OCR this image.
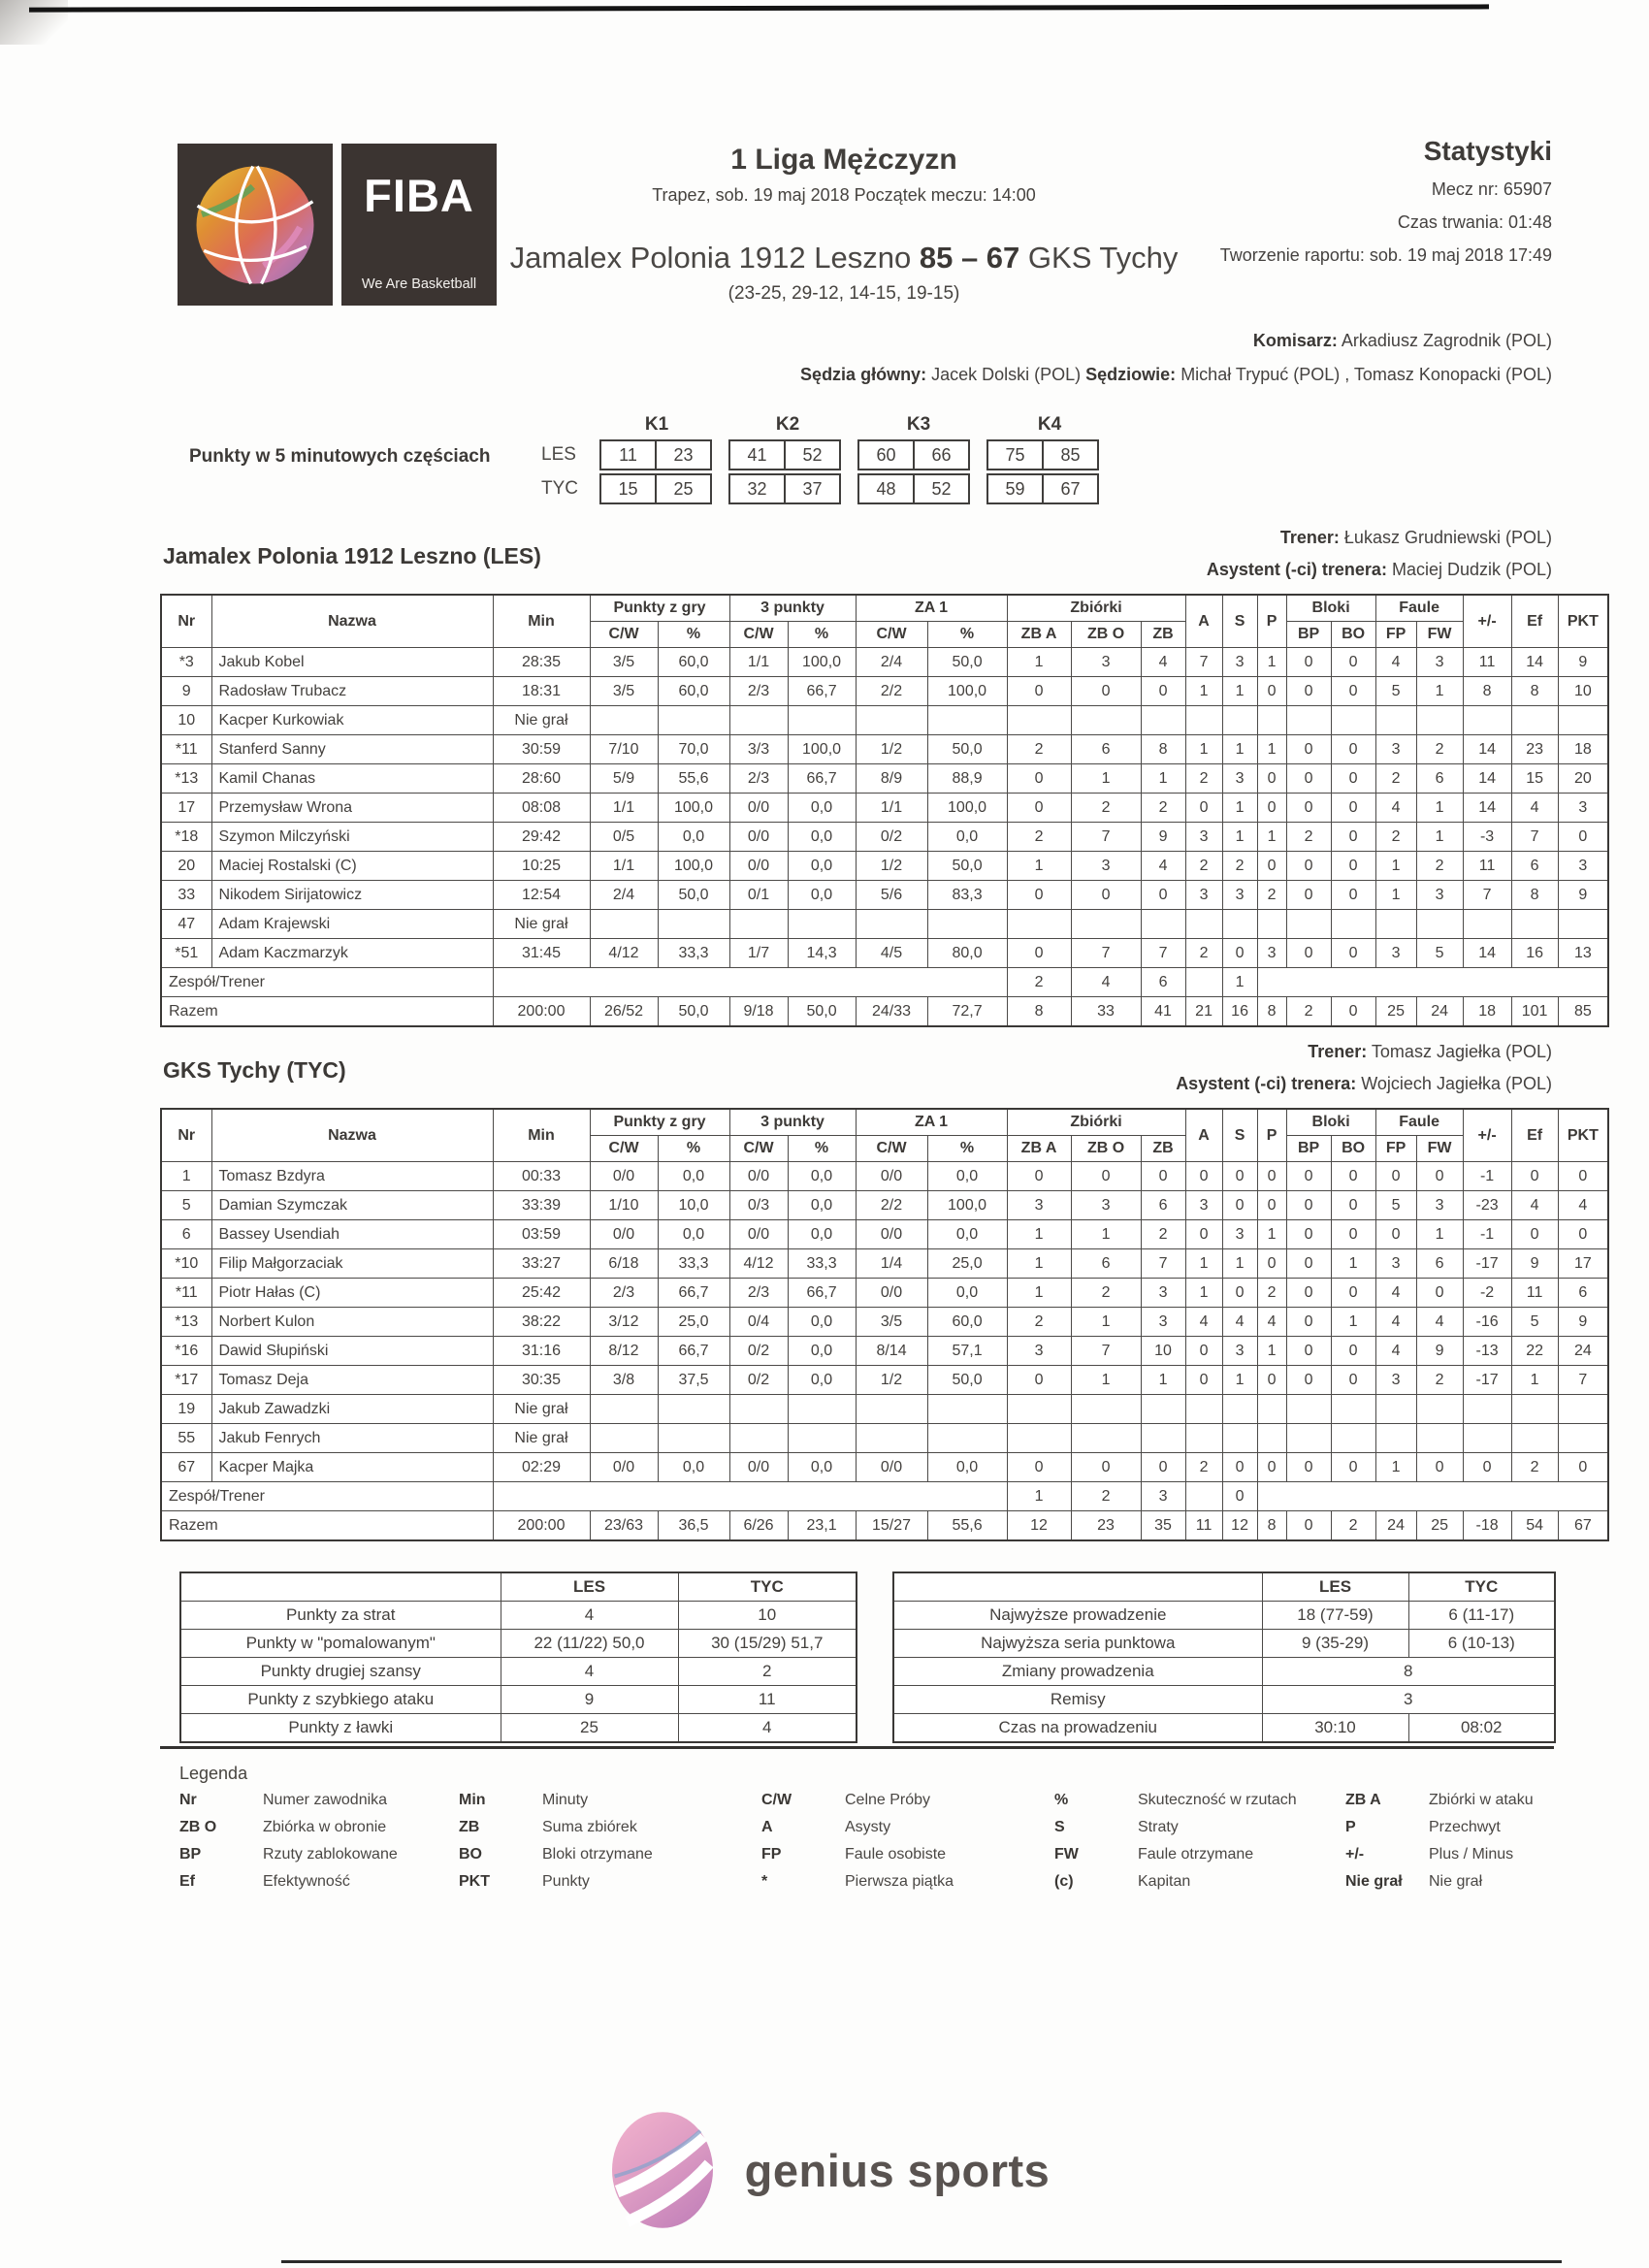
FIBA
We Are Basketball
1 Liga Mężczyzn
Trapez, sob. 19 maj 2018 Początek meczu: 14:00
Jamalex Polonia 1912 Leszno 85 – 67 GKS Tychy
(23-25, 29-12, 14-15, 19-15)
Statystyki
Mecz nr: 65907
Czas trwania: 01:48
Tworzenie raportu: sob. 19 maj 2018 17:49
Komisarz: Arkadiusz Zagrodnik (POL)
Sędzia główny: Jacek Dolski (POL) Sędziowie: Michał Trypuć (POL) , Tomasz Konopacki (POL)
Punkty w 5 minutowych częściach
K1	K2	K3	K4
LES	11	23	41	52	60	66	75	85
TYC	15	25	32	37	48	52	59	67
Trener: Łukasz Grudniewski (POL)
Asystent (-ci) trenera: Maciej Dudzik (POL)
Jamalex Polonia 1912 Leszno (LES)
Nr	Nazwa	Min	Punkty z gry		3 punkty		ZA 1		Zbiórki			A	S	P	Bloki		Faule		+/-	Ef	PKT
			C/W	%	C/W	%	C/W	%	ZB A	ZB O	ZB				BP	BO	FP	FW			
*3	Jakub Kobel	28:35	3/5	60,0	1/1	100,0	2/4	50,0	1	3	4	7	3	1	0	0	4	3	11	14	9
9	Radosław Trubacz	18:31	3/5	60,0	2/3	66,7	2/2	100,0	0	0	0	1	1	0	0	0	5	1	8	8	10
10	Kacper Kurkowiak	Nie grał																			
*11	Stanferd Sanny	30:59	7/10	70,0	3/3	100,0	1/2	50,0	2	6	8	1	1	1	0	0	3	2	14	23	18
*13	Kamil Chanas	28:60	5/9	55,6	2/3	66,7	8/9	88,9	0	1	1	2	3	0	0	0	2	6	14	15	20
17	Przemysław Wrona	08:08	1/1	100,0	0/0	0,0	1/1	100,0	0	2	2	0	1	0	0	0	4	1	14	4	3
*18	Szymon Milczyński	29:42	0/5	0,0	0/0	0,0	0/2	0,0	2	7	9	3	1	1	2	0	2	1	-3	7	0
20	Maciej Rostalski (C)	10:25	1/1	100,0	0/0	0,0	1/2	50,0	1	3	4	2	2	0	0	0	1	2	11	6	3
33	Nikodem Sirijatowicz	12:54	2/4	50,0	0/1	0,0	5/6	83,3	0	0	0	3	3	2	0	0	1	3	7	8	9
47	Adam Krajewski	Nie grał																			
*51	Adam Kaczmarzyk	31:45	4/12	33,3	1/7	14,3	4/5	80,0	0	7	7	2	0	3	0	0	3	5	14	16	13
Zespół/Trener									2	4	6		1								
Razem		200:00	26/52	50,0	9/18	50,0	24/33	72,7	8	33	41	21	16	8	2	0	25	24	18	101	85
Trener: Tomasz Jagiełka (POL)
Asystent (-ci) trenera: Wojciech Jagiełka (POL)
GKS Tychy (TYC)
Nr	Nazwa	Min	Punkty z gry		3 punkty		ZA 1		Zbiórki			A	S	P	Bloki		Faule		+/-	Ef	PKT
			C/W	%	C/W	%	C/W	%	ZB A	ZB O	ZB				BP	BO	FP	FW			
1	Tomasz Bzdyra	00:33	0/0	0,0	0/0	0,0	0/0	0,0	0	0	0	0	0	0	0	0	0	0	-1	0	0
5	Damian Szymczak	33:39	1/10	10,0	0/3	0,0	2/2	100,0	3	3	6	3	0	0	0	0	5	3	-23	4	4
6	Bassey Usendiah	03:59	0/0	0,0	0/0	0,0	0/0	0,0	1	1	2	0	3	1	0	0	0	1	-1	0	0
*10	Filip Małgorzaciak	33:27	6/18	33,3	4/12	33,3	1/4	25,0	1	6	7	1	1	0	0	1	3	6	-17	9	17
*11	Piotr Hałas (C)	25:42	2/3	66,7	2/3	66,7	0/0	0,0	1	2	3	1	0	2	0	0	4	0	-2	11	6
*13	Norbert Kulon	38:22	3/12	25,0	0/4	0,0	3/5	60,0	2	1	3	4	4	4	0	1	4	4	-16	5	9
*16	Dawid Słupiński	31:16	8/12	66,7	0/2	0,0	8/14	57,1	3	7	10	0	3	1	0	0	4	9	-13	22	24
*17	Tomasz Deja	30:35	3/8	37,5	0/2	0,0	1/2	50,0	0	1	1	0	1	0	0	0	3	2	-17	1	7
19	Jakub Zawadzki	Nie grał																			
55	Jakub Fenrych	Nie grał																			
67	Kacper Majka	02:29	0/0	0,0	0/0	0,0	0/0	0,0	0	0	0	2	0	0	0	0	1	0	0	2	0
Zespół/Trener									1	2	3		0								
Razem		200:00	23/63	36,5	6/26	23,1	15/27	55,6	12	23	35	11	12	8	0	2	24	25	-18	54	67
	LES	TYC
Punkty za strat	4	10
Punkty w "pomalowanym"	22 (11/22) 50,0	30 (15/29) 51,7
Punkty drugiej szansy	4	2
Punkty z szybkiego ataku	9	11
Punkty z ławki	25	4
	LES	TYC
Najwyższe prowadzenie	18 (77-59)	6 (11-17)
Najwyższa seria punktowa	9 (35-29)	6 (10-13)
Zmiany prowadzenia	8	
Remisy	3	
Czas na prowadzeniu	30:10	08:02
Legenda
Nr	Numer zawodnika	Min	Minuty	C/W	Celne Próby	%	Skuteczność w rzutach	ZB A	Zbiórki w ataku
ZB O	Zbiórka w obronie	ZB	Suma zbiórek	A	Asysty	S	Straty	P	Przechwyt
BP	Rzuty zablokowane	BO	Bloki otrzymane	FP	Faule osobiste	FW	Faule otrzymane	+/-	Plus / Minus
Ef	Efektywność	PKT	Punkty	*	Pierwsza piątka	(c)	Kapitan	Nie grał Nie grał
genius sports
